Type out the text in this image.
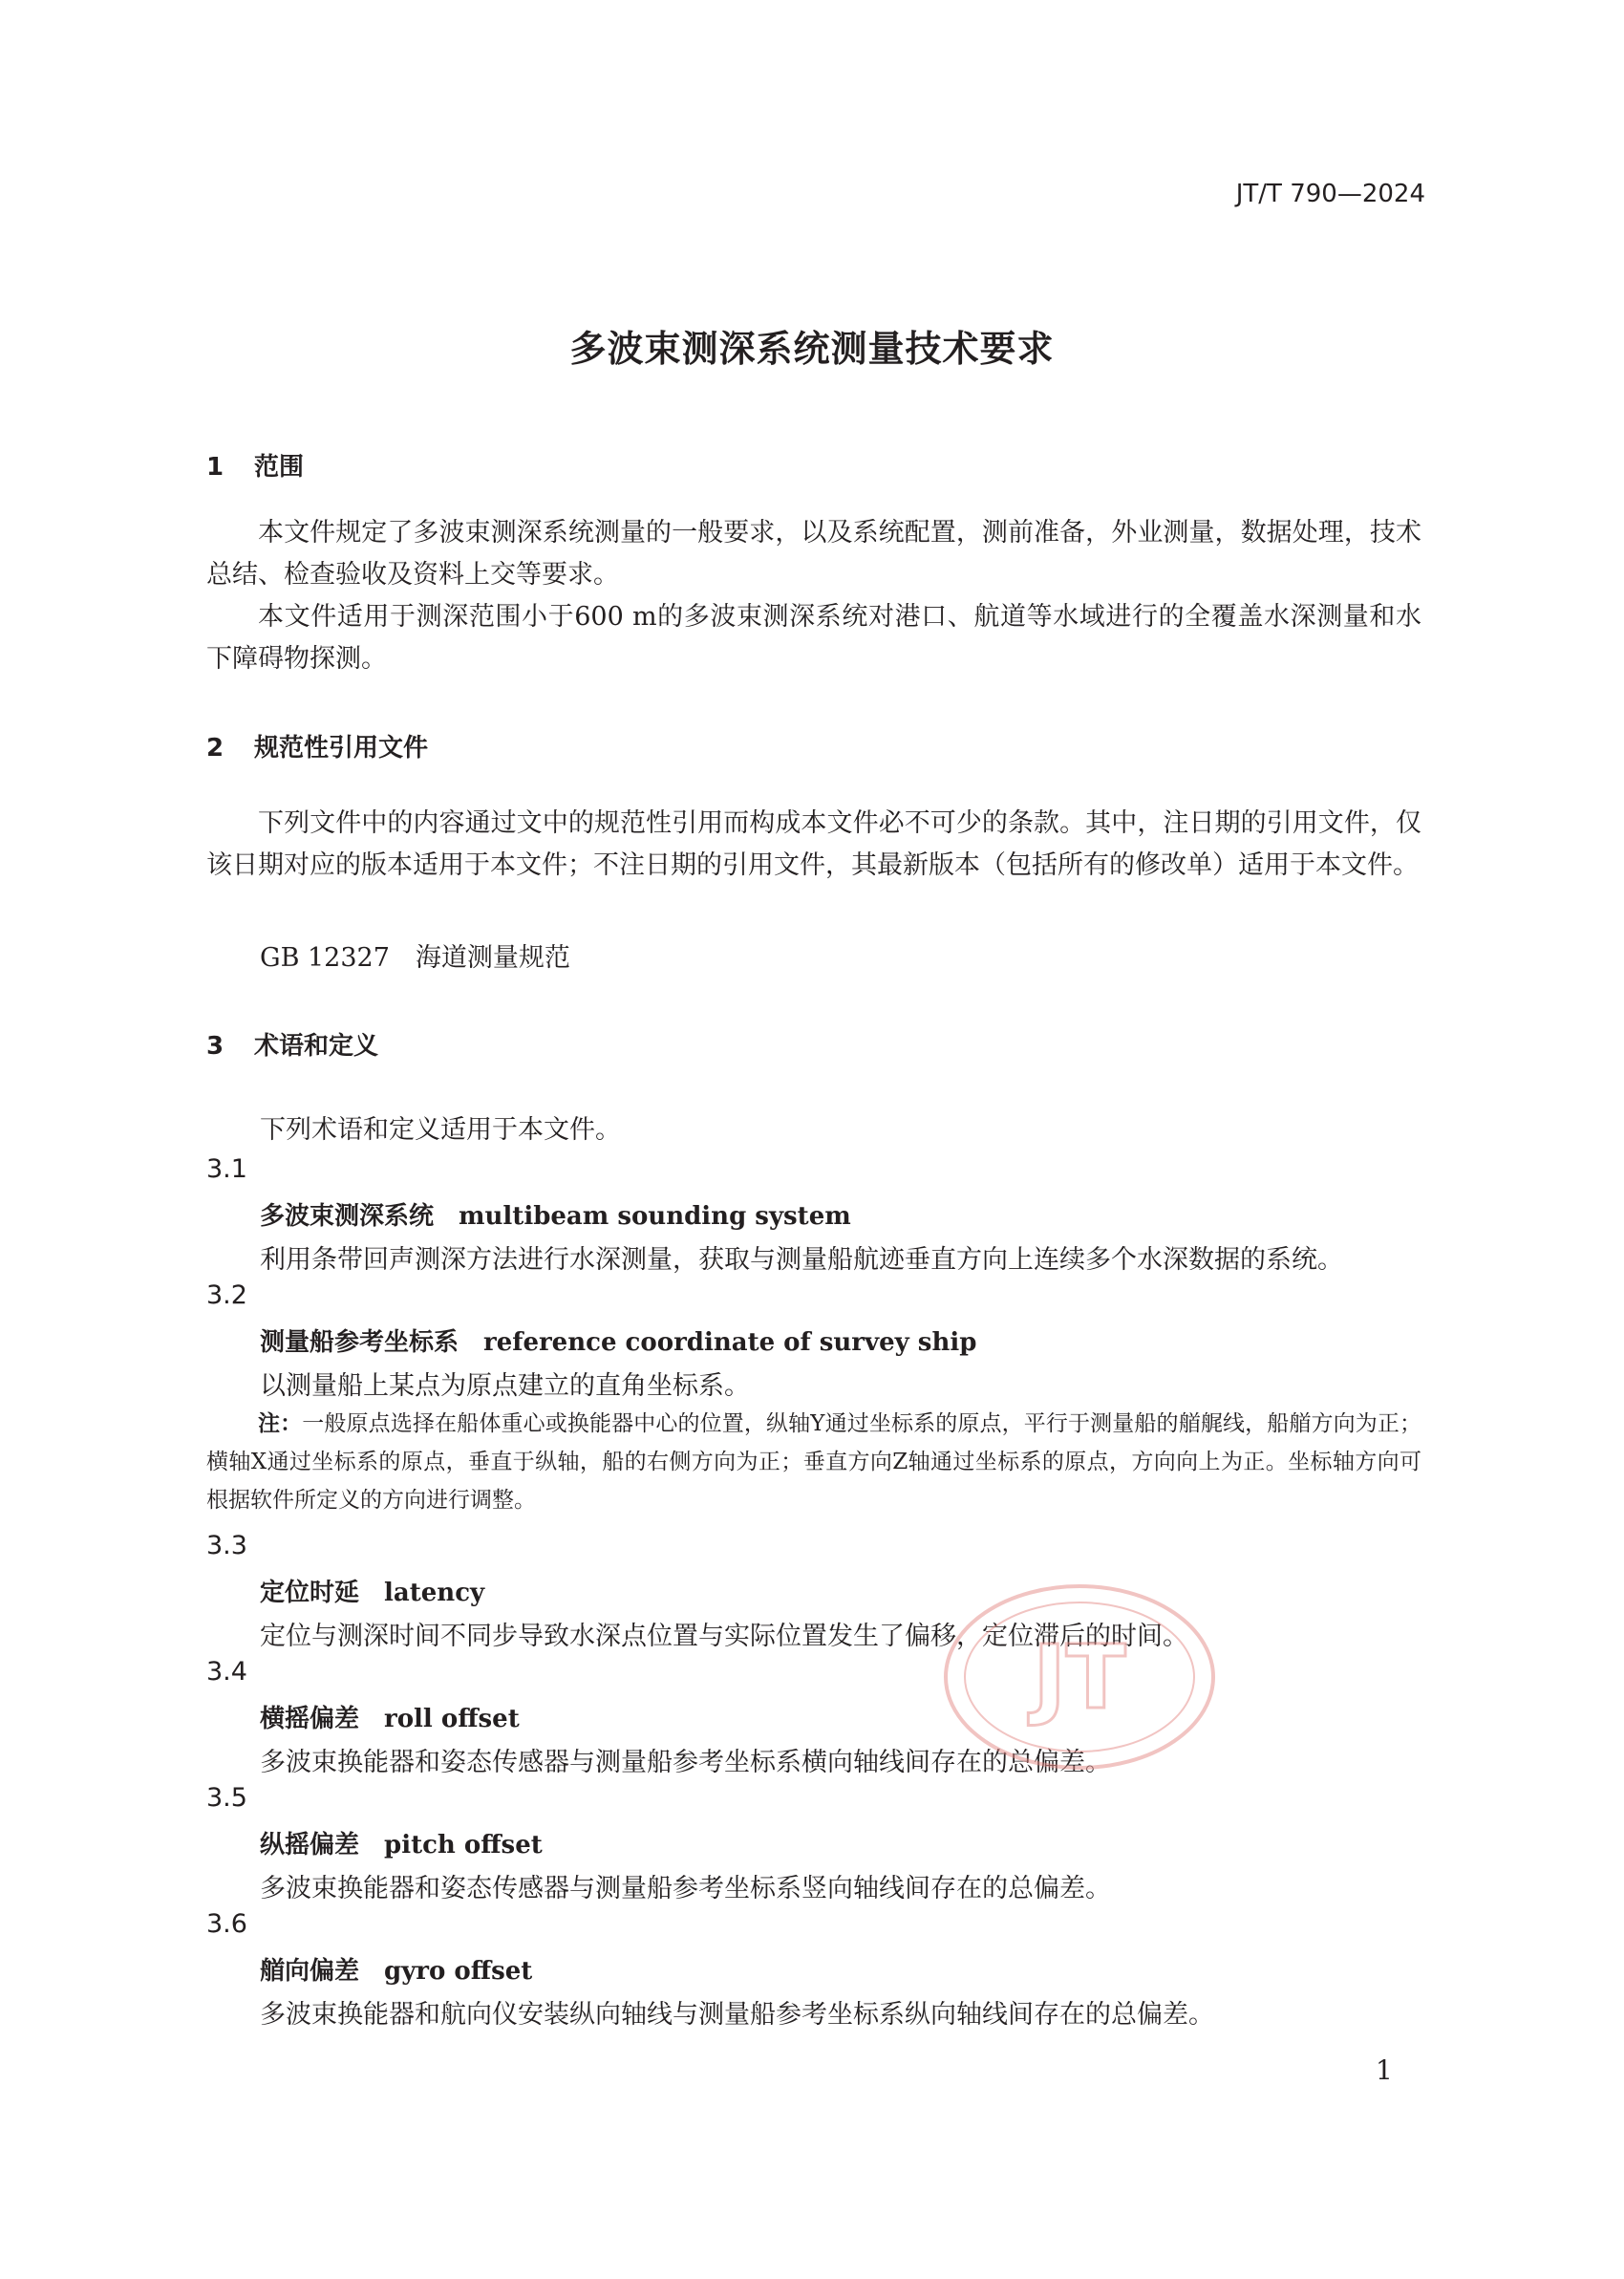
JT/T 790—2024
多波束测深系统测量技术要求
1 范围

本文件规定了多波束测深系统测量的一般要求，以及系统配置，测前准备，外业测量，数据处理，技术总结、检查验收及资料上交等要求。

本文件适用于测深范围小于600 m的多波束测深系统对港口、航道等水域进行的全覆盖水深测量和水下障碍物探测。

2 规范性引用文件

下列文件中的内容通过文中的规范性引用而构成本文件必不可少的条款。其中，注日期的引用文件，仅该日期对应的版本适用于本文件；不注日期的引用文件，其最新版本（包括所有的修改单）适用于本文件。

GB 12327　海道测量规范
3 术语和定义
下列术语和定义适用于本文件。
3.1
多波束测深系统 multibeam sounding system
利用条带回声测深方法进行水深测量，获取与测量船航迹垂直方向上连续多个水深数据的系统。
3.2
测量船参考坐标系 reference coordinate of survey ship
以测量船上某点为原点建立的直角坐标系。

注：一般原点选择在船体重心或换能器中心的位置，纵轴Y通过坐标系的原点，平行于测量船的艏艉线，船艏方向为正；横轴X通过坐标系的原点，垂直于纵轴，船的右侧方向为正；垂直方向Z轴通过坐标系的原点，方向向上为正。坐标轴方向可根据软件所定义的方向进行调整。

3.3
定位时延 latency
定位与测深时间不同步导致水深点位置与实际位置发生了偏移，定位滞后的时间。
3.4
横摇偏差 roll offset
多波束换能器和姿态传感器与测量船参考坐标系横向轴线间存在的总偏差。
3.5
纵摇偏差 pitch offset
多波束换能器和姿态传感器与测量船参考坐标系竖向轴线间存在的总偏差。
3.6
艏向偏差 gyro offset
多波束换能器和航向仪安装纵向轴线与测量船参考坐标系纵向轴线间存在的总偏差。
JT
1
